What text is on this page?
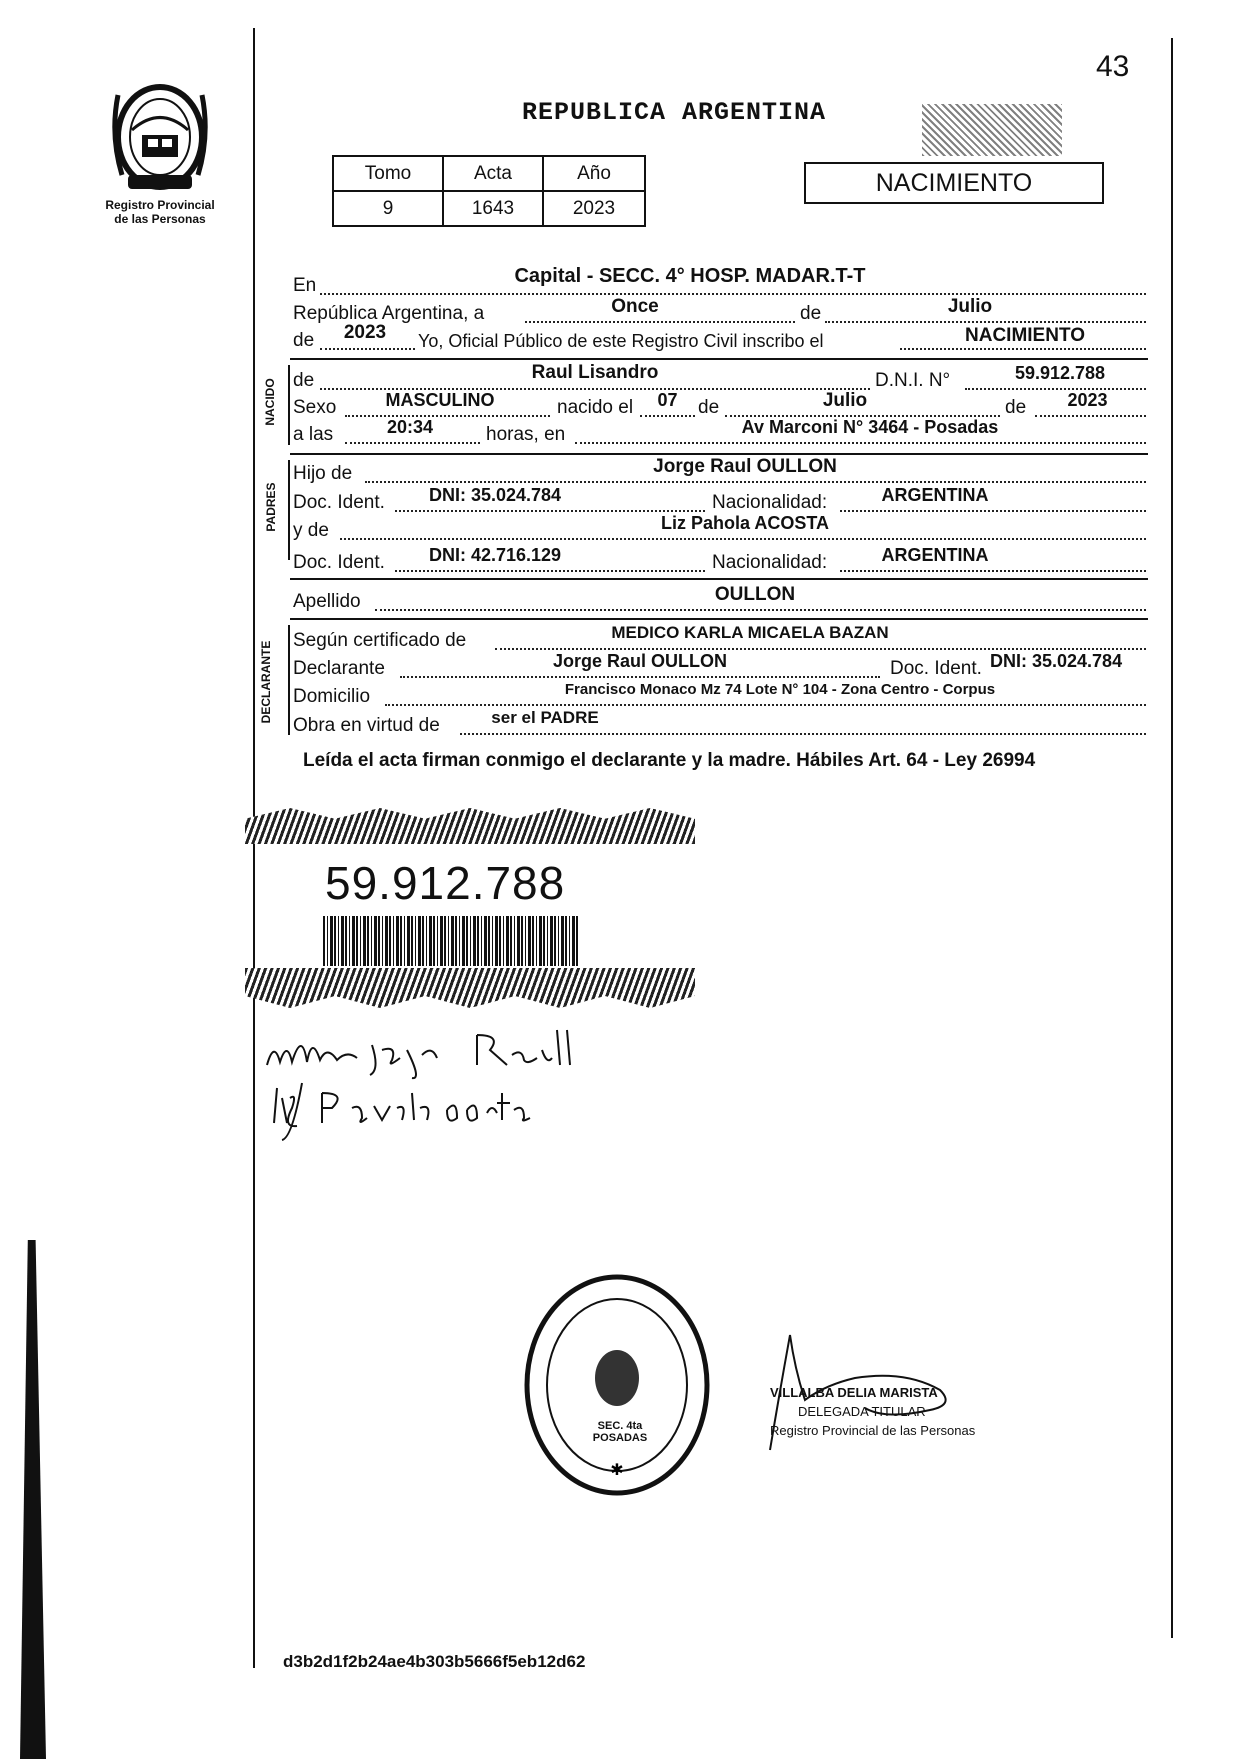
43
Registro Provincial
de las Personas
REPUBLICA ARGENTINA
NACIMIENTO
Tomo	Acta	Año
9	1643	2023
En	Capital - SECC. 4° HOSP. MADAR.T-T
República Argentina, a	Once	de	Julio
de	2023	Yo, Oficial Público de este Registro Civil inscribo el	NACIMIENTO
NACIDO de	Raul Lisandro	D.N.I. N°	59.912.788
Sexo	MASCULINO	nacido el	07	de	Julio	de	2023
a las	20:34	horas, en	Av Marconi N° 3464 - Posadas
PADRES
Hijo de	Jorge Raul OULLON
Doc. Ident.	DNI: 35.024.784	Nacionalidad:	ARGENTINA
y de	Liz Pahola ACOSTA
Doc. Ident.	DNI: 42.716.129	Nacionalidad:	ARGENTINA
Apellido	OULLON
DECLARANTE
Según certificado de	MEDICO KARLA MICAELA BAZAN
Declarante	Jorge Raul OULLON	Doc. Ident. DNI: 35.024.784
Domicilio	Francisco Monaco Mz 74 Lote N° 104 - Zona Centro - Corpus
Obra en virtud de	ser el PADRE
Leída el acta firman conmigo el declarante y la madre. Hábiles Art. 64 - Ley 26994
59.912.788
✱
SEC. 4ta POSADAS
VILLALBA DELIA MARISTA
DELEGADA TITULAR
Registro Provincial de las Personas
d3b2d1f2b24ae4b303b5666f5eb12d62
